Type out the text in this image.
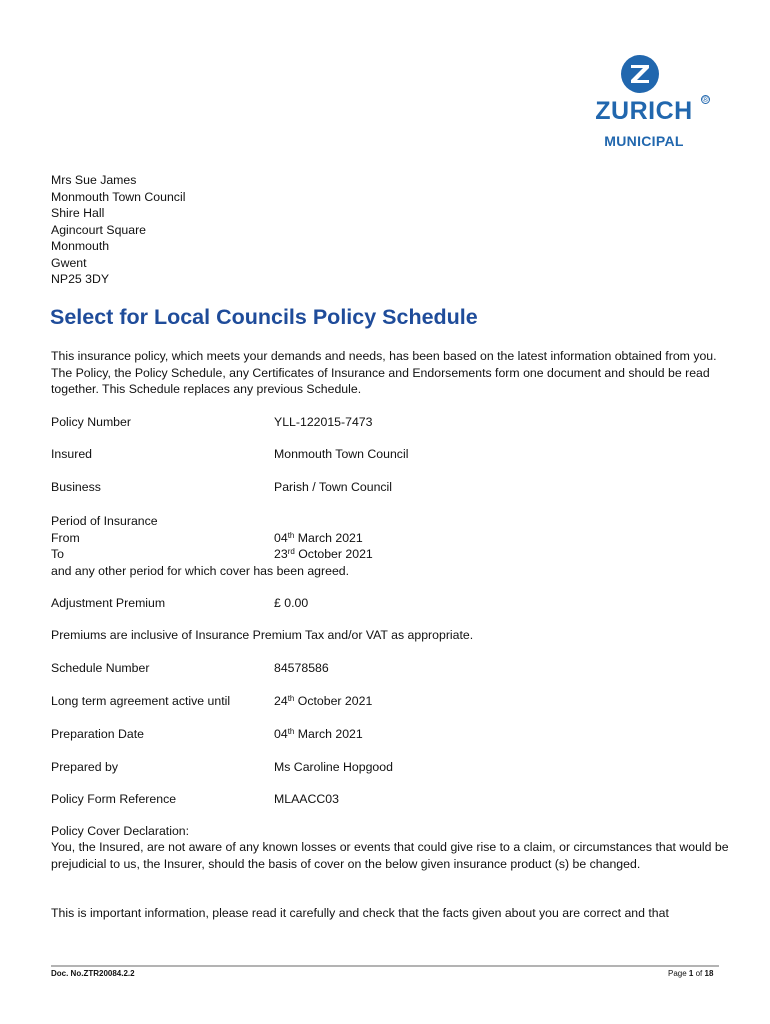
ZURICH	®
MUNICIPAL
Mrs Sue James
Monmouth Town Council
Shire Hall
Agincourt Square
Monmouth
Gwent
NP25 3DY
Select for Local Councils Policy Schedule
This insurance policy, which meets your demands and needs, has been based on the latest information obtained from you. The Policy, the Policy Schedule, any Certificates of Insurance and Endorsements form one document and should be read together. This Schedule replaces any previous Schedule.
Policy Number	YLL-122015-7473
Insured	Monmouth Town Council
Business	Parish / Town Council
Period of Insurance
From	04th March 2021
To	23rd October 2021
and any other period for which cover has been agreed.
Adjustment Premium	£ 0.00
Premiums are inclusive of Insurance Premium Tax and/or VAT as appropriate.
Schedule Number	84578586
Long term agreement active until	24th October 2021
Preparation Date	04th March 2021
Prepared by	Ms Caroline Hopgood
Policy Form Reference	MLAACC03
Policy Cover Declaration:
You, the Insured, are not aware of any known losses or events that could give rise to a claim, or circumstances that would be prejudicial to us, the Insurer, should the basis of cover on the below given insurance product (s) be changed.
This is important information, please read it carefully and check that the facts given about you are correct and that
Doc. No.ZTR20084.2.2	Page 1 of 18
